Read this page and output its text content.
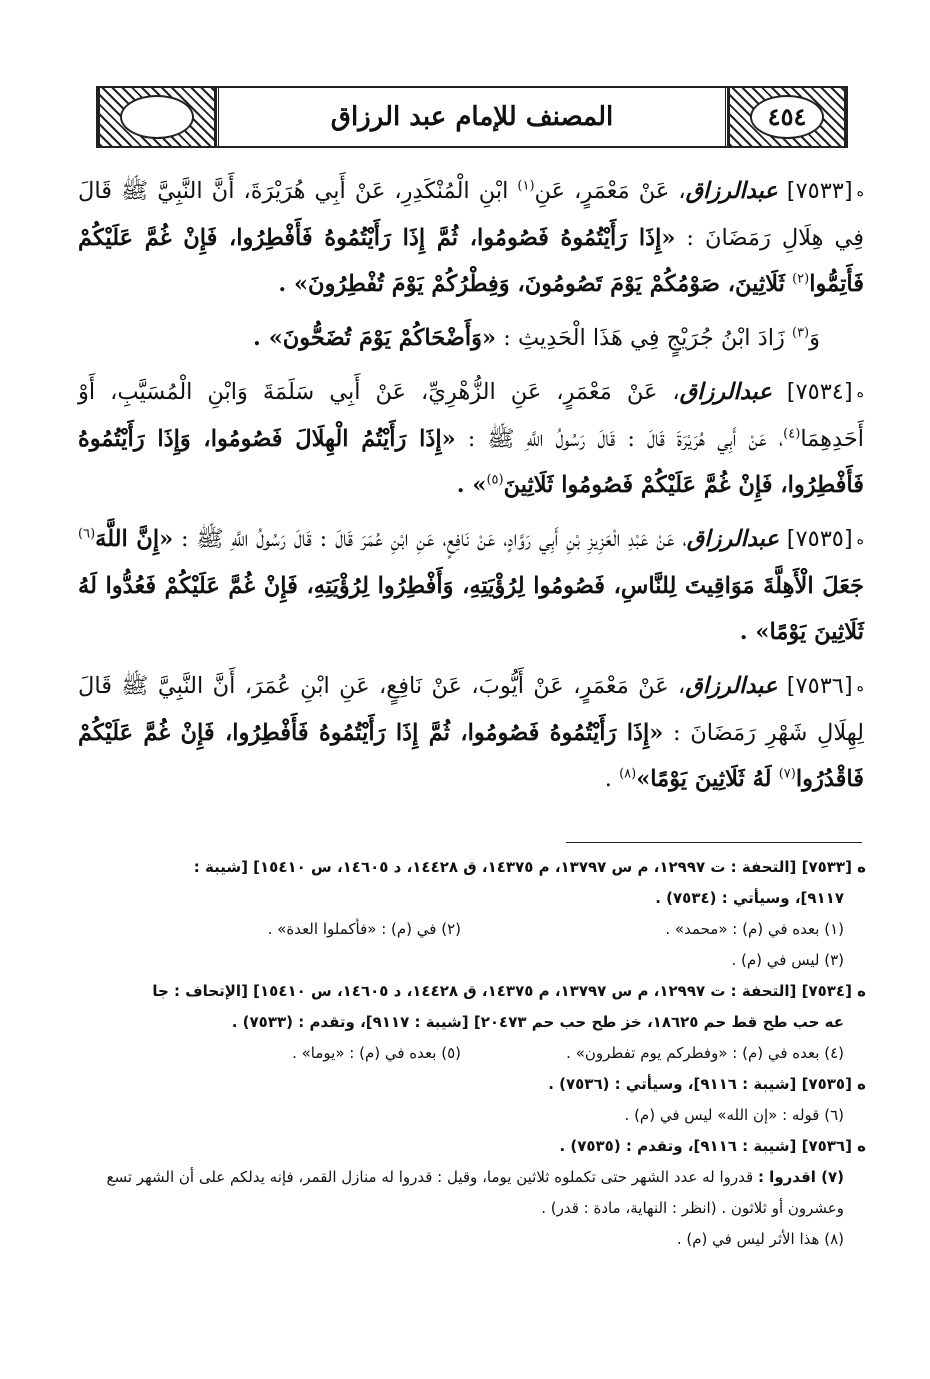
المصنف للإمام عبد الرزاق	٤٥٤

ه[٧٥٣٣] عبدالرزاق، عَنْ مَعْمَرٍ، عَنِ$^{(١)}$ ابْنِ الْمُنْكَدِرِ، عَنْ أَبِي هُرَيْرَةَ، أَنَّ النَّبِيَّ ﷺ قَالَ فِي هِلَالِ رَمَضَانَ : «إِذَا رَأَيْتُمُوهُ فَصُومُوا، ثُمَّ إِذَا رَأَيْتُمُوهُ فَأَفْطِرُوا، فَإِنْ غُمَّ عَلَيْكُمْ فَأَتِمُّوا$^{(٢)}$ ثَلَاثِينَ، صَوْمُكُمْ يَوْمَ تَصُومُونَ، وَفِطْرُكُمْ يَوْمَ تُفْطِرُونَ» .

وَ$^{(٣)}$ زَادَ ابْنُ جُرَيْجٍ فِي هَذَا الْحَدِيثِ : «وَأَضْحَاكُمْ يَوْمَ تُضَحُّونَ» .

ه[٧٥٣٤] عبدالرزاق، عَنْ مَعْمَرٍ، عَنِ الزُّهْرِيِّ، عَنْ أَبِي سَلَمَةَ وَابْنِ الْمُسَيَّبِ، أَوْ أَحَدِهِمَا$^{(٤)}$، عَنْ أَبِي هُرَيْرَةَ قَالَ : قَالَ رَسُولُ اللَّهِ ﷺ : «إِذَا رَأَيْتُمُ الْهِلَالَ فَصُومُوا، وَإِذَا رَأَيْتُمُوهُ فَأَفْطِرُوا، فَإِنْ غُمَّ عَلَيْكُمْ فَصُومُوا ثَلَاثِينَ$^{(٥)}$» .

ه[٧٥٣٥] عبدالرزاق، عَنْ عَبْدِ الْعَزِيزِ بْنِ أَبِي رَوَّادٍ، عَنْ نَافِعٍ، عَنِ ابْنِ عُمَرَ قَالَ : قَالَ رَسُولُ اللَّهِ ﷺ : «إِنَّ اللَّهَ$^{(٦)}$ جَعَلَ الْأَهِلَّةَ مَوَاقِيتَ لِلنَّاسِ، فَصُومُوا لِرُؤْيَتِهِ، وَأَفْطِرُوا لِرُؤْيَتِهِ، فَإِنْ غُمَّ عَلَيْكُمْ فَعُدُّوا لَهُ ثَلَاثِينَ يَوْمًا» .

ه[٧٥٣٦] عبدالرزاق، عَنْ مَعْمَرٍ، عَنْ أَيُّوبَ، عَنْ نَافِعٍ، عَنِ ابْنِ عُمَرَ، أَنَّ النَّبِيَّ ﷺ قَالَ لِهِلَالِ شَهْرِ رَمَضَانَ : «إِذَا رَأَيْتُمُوهُ فَصُومُوا، ثُمَّ إِذَا رَأَيْتُمُوهُ فَأَفْطِرُوا، فَإِنْ غُمَّ عَلَيْكُمْ فَاقْدُرُوا$^{(٧)}$ لَهُ ثَلَاثِينَ يَوْمًا»$^{(٨)}$ .

ه [٧٥٣٣] [التحفة : ت ١٢٩٩٧، م س ١٣٧٩٧، م ١٤٣٧٥، ق ١٤٤٢٨، د ١٤٦٠٥، س ١٥٤١٠] [شيبة :
٩١١٧]، وسيأتي : (٧٥٣٤) .
(١) بعده في (م) : «محمد» .
(٢) في (م) : «فأكملوا العدة» .
(٣) ليس في (م) .
ه [٧٥٣٤] [التحفة : ت ١٢٩٩٧، م س ١٣٧٩٧، م ١٤٣٧٥، ق ١٤٤٢٨، د ١٤٦٠٥، س ١٥٤١٠] [الإتحاف : جا
عه حب طح قط حم ١٨٦٢٥، خز طح حب حم ٢٠٤٧٣] [شيبة : ٩١١٧]، وتقدم : (٧٥٣٣) .
(٤) بعده في (م) : «وفطركم يوم تفطرون» .
(٥) بعده في (م) : «يوما» .
ه [٧٥٣٥] [شيبة : ٩١١٦]، وسيأتي : (٧٥٣٦) .
(٦) قوله : «إن الله» ليس في (م) .
ه [٧٥٣٦] [شيبة : ٩١١٦]، وتقدم : (٧٥٣٥) .
(٧) اقدروا : قدروا له عدد الشهر حتى تكملوه ثلاثين يوما، وقيل : قدروا له منازل القمر، فإنه يدلكم على أن الشهر تسع وعشرون أو ثلاثون . (انظر : النهاية، مادة : قدر) .
(٨) هذا الأثر ليس في (م) .
